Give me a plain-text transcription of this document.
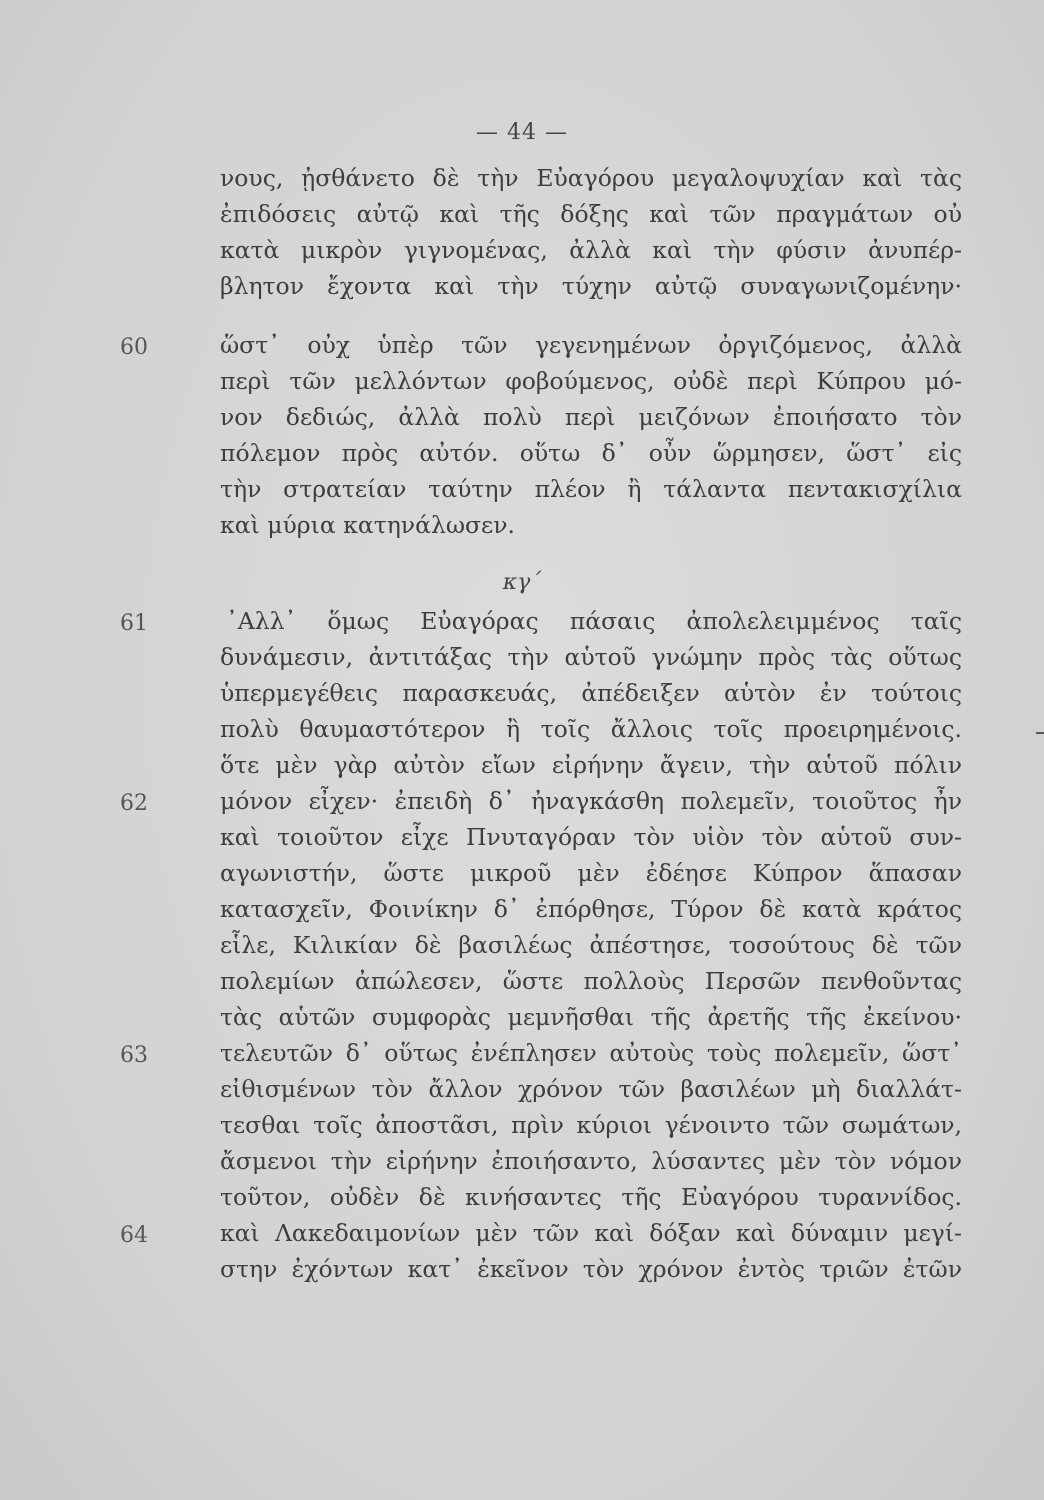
— 44 —
νους, ᾐσθάνετο δὲ τὴν Εὐαγόρου μεγαλοψυχίαν καὶ τὰς
ἐπιδόσεις αὐτῷ καὶ τῆς δόξης καὶ τῶν πραγμάτων οὐ
κατὰ μικρὸν γιγνομένας, ἀλλὰ καὶ τὴν φύσιν ἀνυπέρ-
βλητον ἔχοντα καὶ τὴν τύχην αὐτῷ συναγωνιζομένην·
60	ὥστ᾽ οὐχ ὑπὲρ τῶν γεγενημένων ὀργιζόμενος, ἀλλὰ
περὶ τῶν μελλόντων φοβούμενος, οὐδὲ περὶ Κύπρου μό-
νον δεδιώς, ἀλλὰ πολὺ περὶ μειζόνων ἐποιήσατο τὸν
πόλεμον πρὸς αὐτόν. οὕτω δ᾽ οὖν ὥρμησεν, ὥστ᾽ εἰς
τὴν στρατείαν ταύτην πλέον ἢ τάλαντα πεντακισχίλια
καὶ μύρια κατηνάλωσεν.
κγ΄
61	᾽Αλλ᾽ ὅμως Εὐαγόρας πάσαις ἀπολελειμμένος ταῖς
δυνάμεσιν, ἀντιτάξας τὴν αὑτοῦ γνώμην πρὸς τὰς οὕτως
ὑπερμεγέθεις παρασκευάς, ἀπέδειξεν αὑτὸν ἐν τούτοις
πολὺ θαυμαστότερον ἢ τοῖς ἄλλοις τοῖς προειρημένοις.
ὅτε μὲν γὰρ αὐτὸν εἴων εἰρήνην ἄγειν, τὴν αὑτοῦ πόλιν
62	μόνον εἶχεν· ἐπειδὴ δ᾽ ἠναγκάσθη πολεμεῖν, τοιοῦτος ἦν
καὶ τοιοῦτον εἶχε Πνυταγόραν τὸν υἱὸν τὸν αὑτοῦ συν-
αγωνιστήν, ὥστε μικροῦ μὲν ἐδέησε Κύπρον ἅπασαν
κατασχεῖν, Φοινίκην δ᾽ ἐπόρθησε, Τύρον δὲ κατὰ κράτος
εἷλε, Κιλικίαν δὲ βασιλέως ἀπέστησε, τοσούτους δὲ τῶν
πολεμίων ἀπώλεσεν, ὥστε πολλοὺς Περσῶν πενθοῦντας
τὰς αὑτῶν συμφορὰς μεμνῆσθαι τῆς ἀρετῆς τῆς ἐκείνου·
63	τελευτῶν δ᾽ οὕτως ἐνέπλησεν αὐτοὺς τοὺς πολεμεῖν, ὥστ᾽
εἰθισμένων τὸν ἄλλον χρόνον τῶν βασιλέων μὴ διαλλάτ-
τεσθαι τοῖς ἀποστᾶσι, πρὶν κύριοι γένοιντο τῶν σωμάτων,
ἄσμενοι τὴν εἰρήνην ἐποιήσαντο, λύσαντες μὲν τὸν νόμον
τοῦτον, οὐδὲν δὲ κινήσαντες τῆς Εὐαγόρου τυραννίδος.
64	καὶ Λακεδαιμονίων μὲν τῶν καὶ δόξαν καὶ δύναμιν μεγί-
στην ἐχόντων κατ᾽ ἐκεῖνον τὸν χρόνον ἐντὸς τριῶν ἐτῶν
